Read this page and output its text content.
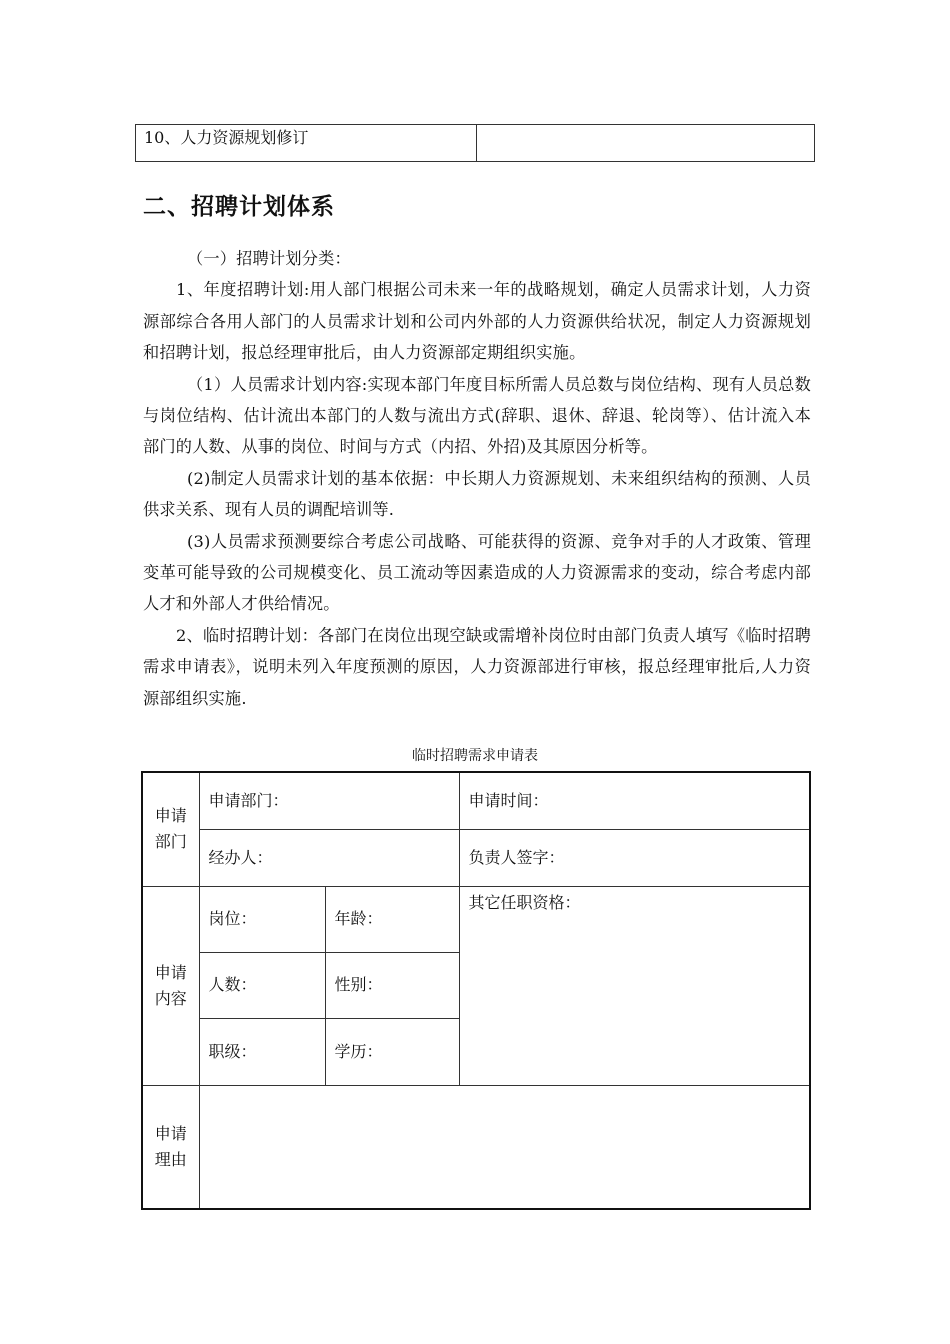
10、人力资源规划修订	
二、招聘计划体系

（一）招聘计划分类：

1、年度招聘计划:用人部门根据公司未来一年的战略规划，确定人员需求计划，人力资源部综合各用人部门的人员需求计划和公司内外部的人力资源供给状况，制定人力资源规划和招聘计划，报总经理审批后，由人力资源部定期组织实施。

（1）人员需求计划内容:实现本部门年度目标所需人员总数与岗位结构、现有人员总数与岗位结构、估计流出本部门的人数与流出方式(辞职、退休、辞退、轮岗等）、估计流入本部门的人数、从事的岗位、时间与方式（内招、外招)及其原因分析等。

(2)制定人员需求计划的基本依据：中长期人力资源规划、未来组织结构的预测、人员供求关系、现有人员的调配培训等.

(3)人员需求预测要综合考虑公司战略、可能获得的资源、竞争对手的人才政策、管理变革可能导致的公司规模变化、员工流动等因素造成的人力资源需求的变动，综合考虑内部人才和外部人才供给情况。

2、临时招聘计划：各部门在岗位出现空缺或需增补岗位时由部门负责人填写《临时招聘需求申请表》，说明未列入年度预测的原因，人力资源部进行审核，报总经理审批后,人力资源部组织实施.

临时招聘需求申请表
申请
部门	申请部门：		申请时间：
	经办人：		负责人签字：
申请
内容	岗位：	年龄：	其它任职资格：
	人数：	性别：	
	职级：	学历：	
申请
理由			
